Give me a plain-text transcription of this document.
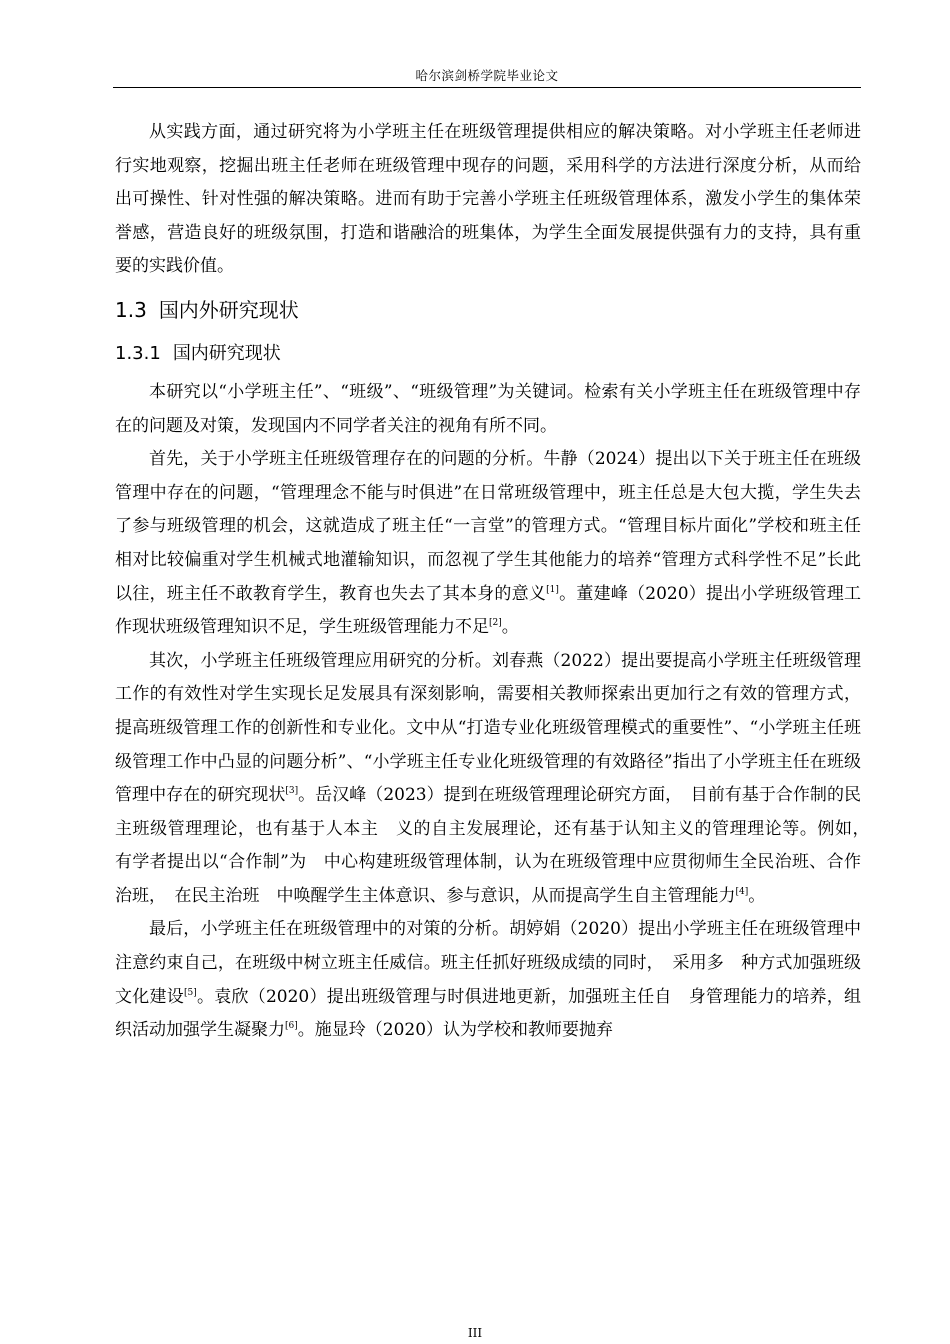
哈尔滨剑桥学院毕业论文

从实践方面，通过研究将为小学班主任在班级管理提供相应的解决策略。对小学班主任老师进行实地观察，挖掘出班主任老师在班级管理中现存的问题，采用科学的方法进行深度分析，从而给出可操性、针对性强的解决策略。进而有助于完善小学班主任班级管理体系，激发小学生的集体荣誉感，营造良好的班级氛围，打造和谐融洽的班集体，为学生全面发展提供强有力的支持，具有重要的实践价值。

1.3 国内外研究现状
1.3.1 国内研究现状

本研究以“小学班主任”、“班级”、“班级管理”为关键词。检索有关小学班主任在班级管理中存在的问题及对策，发现国内不同学者关注的视角有所不同。

首先，关于小学班主任班级管理存在的问题的分析。牛静（2024）提出以下关于班主任在班级管理中存在的问题，“管理理念不能与时俱进”在日常班级管理中，班主任总是大包大揽，学生失去了参与班级管理的机会，这就造成了班主任“一言堂”的管理方式。“管理目标片面化”学校和班主任相对比较偏重对学生机械式地灌输知识，而忽视了学生其他能力的培养“管理方式科学性不足”长此以往，班主任不敢教育学生，教育也失去了其本身的意义[1]。董建峰（2020）提出小学班级管理工作现状班级管理知识不足，学生班级管理能力不足[2]。

其次，小学班主任班级管理应用研究的分析。刘春燕（2022）提出要提高小学班主任班级管理工作的有效性对学生实现长足发展具有深刻影响，需要相关教师探索出更加行之有效的管理方式，提高班级管理工作的创新性和专业化。文中从“打造专业化班级管理模式的重要性”、“小学班主任班级管理工作中凸显的问题分析”、“小学班主任专业化班级管理的有效路径”指出了小学班主任在班级管理中存在的研究现状[3]。岳汉峰（2023）提到在班级管理理论研究方面，　目前有基于合作制的民主班级管理理论，也有基于人本主　义的自主发展理论，还有基于认知主义的管理理论等。例如，　有学者提出以“合作制”为　中心构建班级管理体制，认为在班级管理中应贯彻师生全民治班、合作治班，　在民主治班　中唤醒学生主体意识、参与意识，从而提高学生自主管理能力[4]。

最后，小学班主任在班级管理中的对策的分析。胡婷娟（2020）提出小学班主任在班级管理中注意约束自己，在班级中树立班主任威信。班主任抓好班级成绩的同时，　采用多　种方式加强班级文化建设[5]。袁欣（2020）提出班级管理与时俱进地更新，加强班主任自　身管理能力的培养，组织活动加强学生凝聚力[6]。施显玲（2020）认为学校和教师要抛弃

III
